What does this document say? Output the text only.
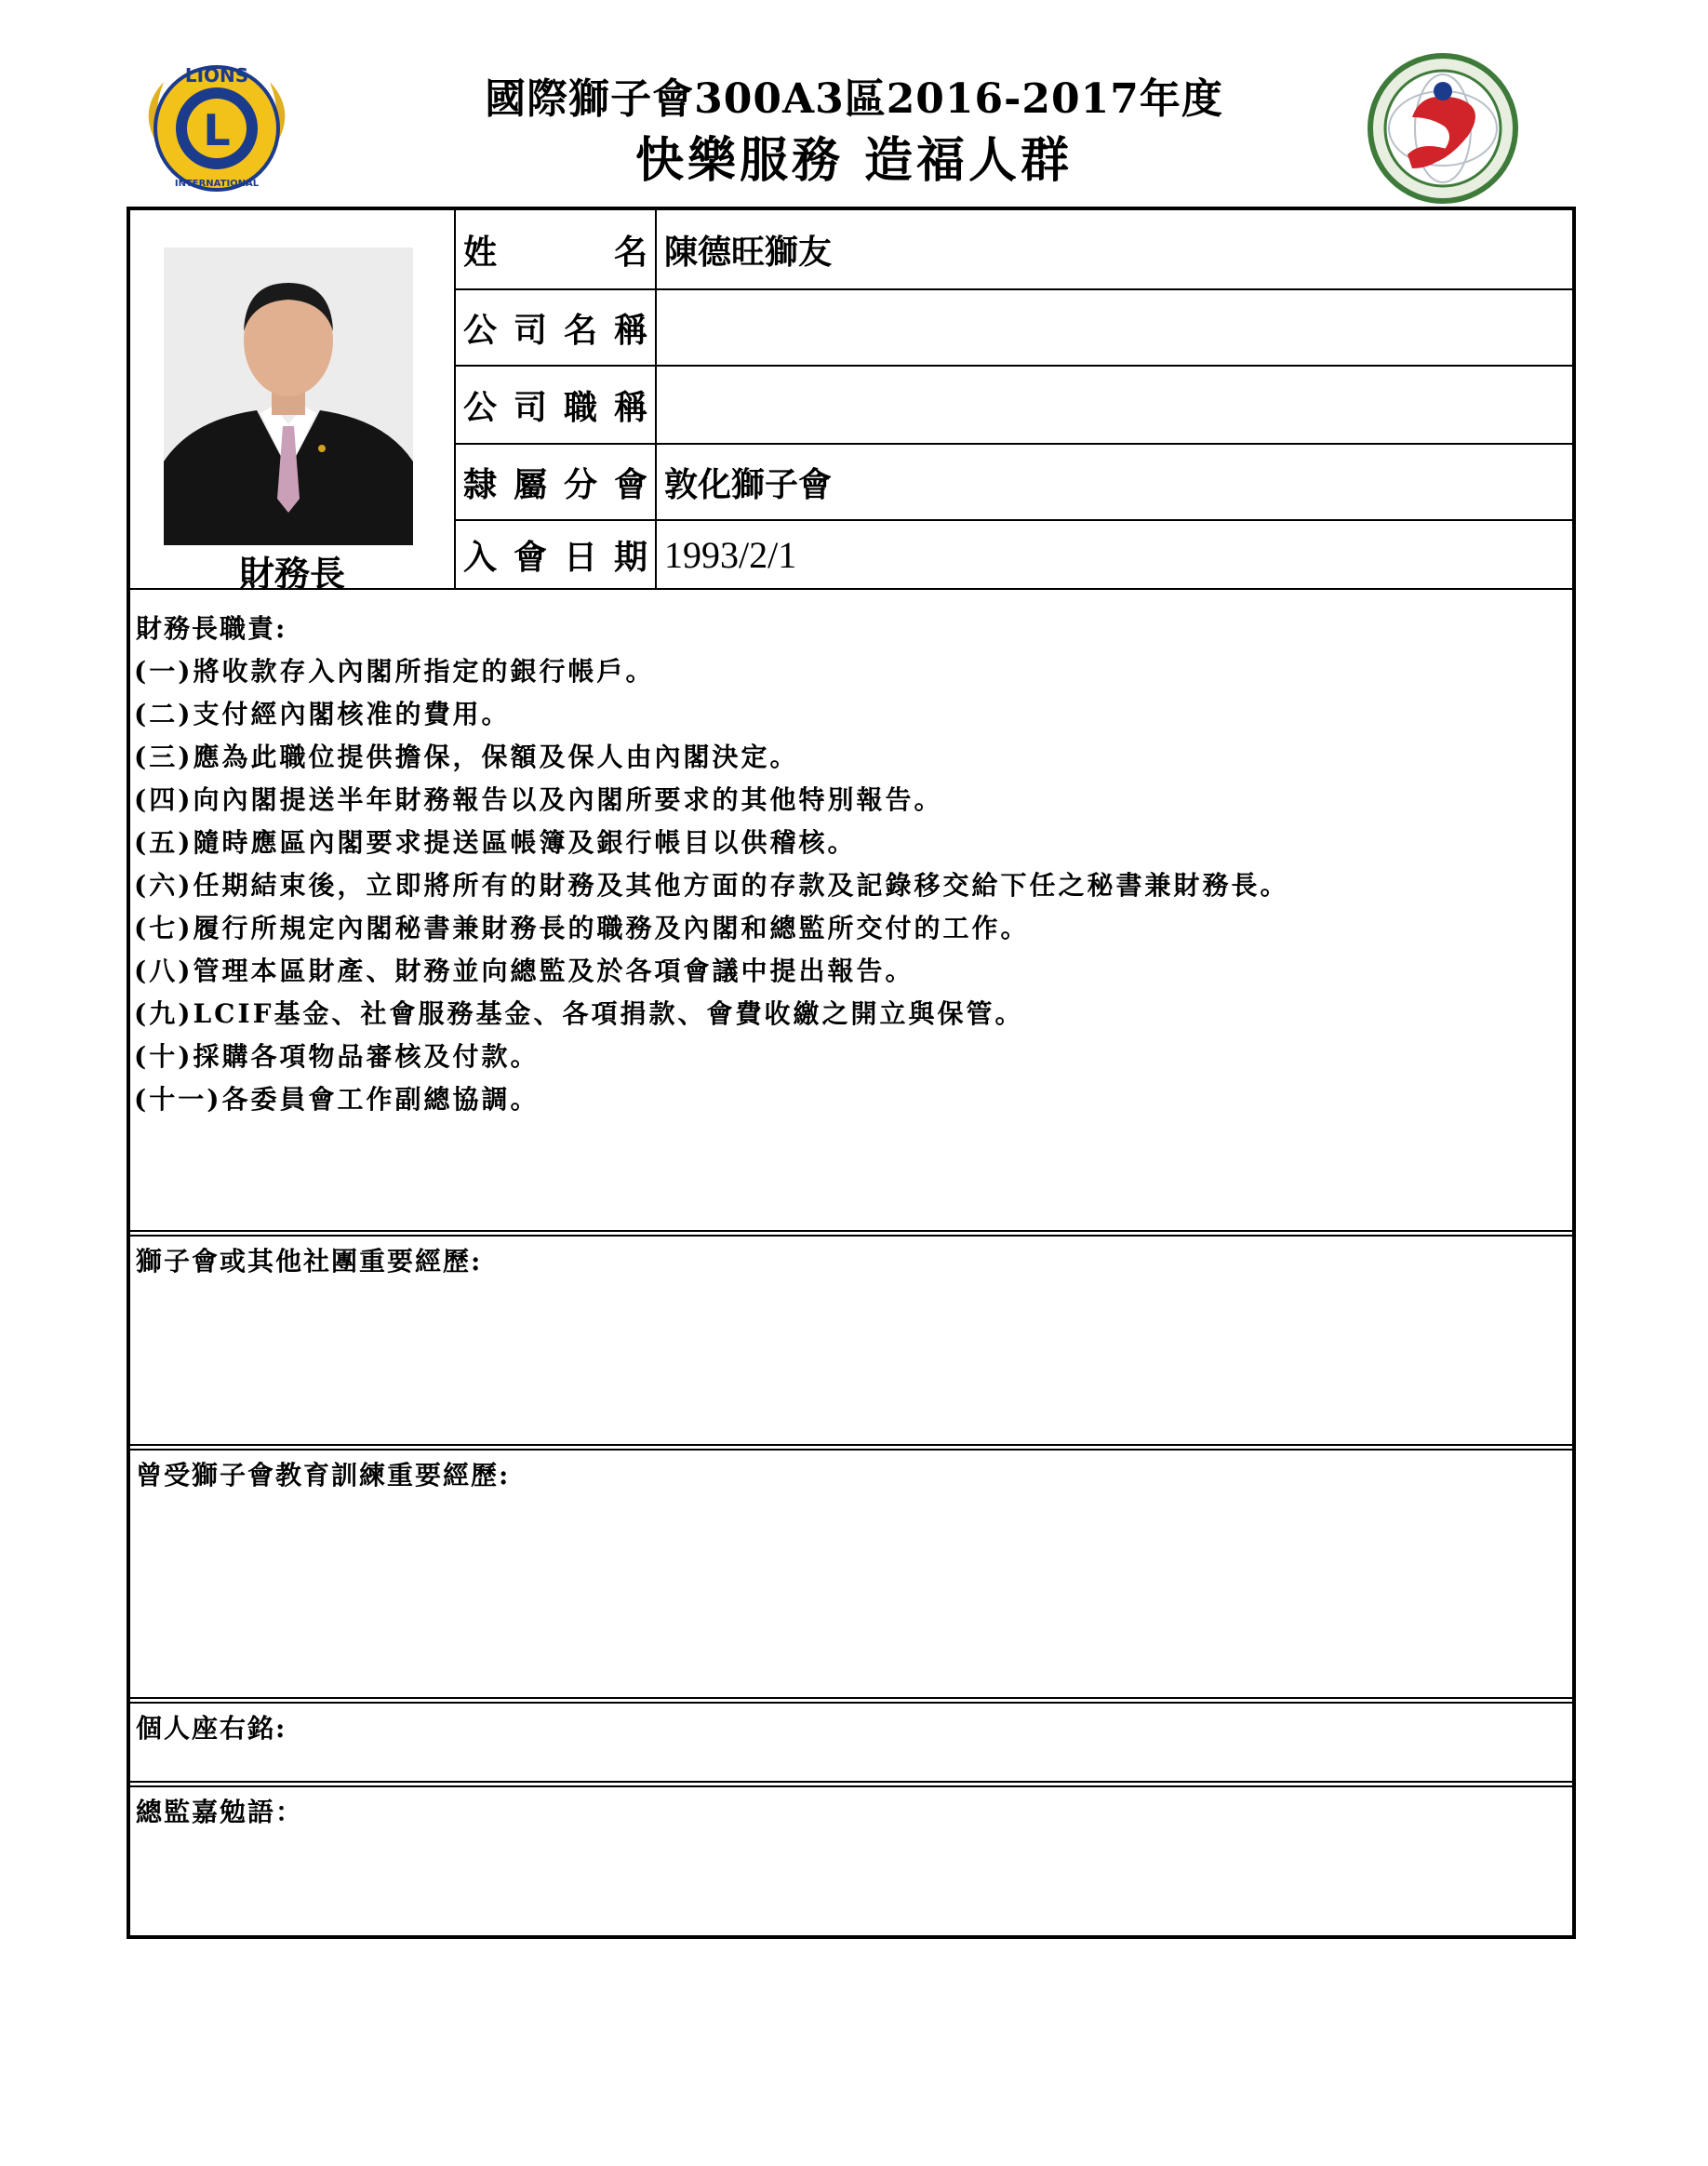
L
LIONS
INTERNATIONAL
國際獅子會300A3區2016-2017年度
快樂服務 造福人群
財務長
姓	名 陳德旺獅友
公 司 名 稱
公 司 職 稱
隸 屬 分 會 敦化獅子會
入 會 日 期 1993/2/1
財務長職責:
(一)將收款存入內閣所指定的銀行帳戶。
(二)支付經內閣核准的費用。
(三)應為此職位提供擔保，保額及保人由內閣決定。
(四)向內閣提送半年財務報告以及內閣所要求的其他特別報告。
(五)隨時應區內閣要求提送區帳簿及銀行帳目以供稽核。
(六)任期結束後，立即將所有的財務及其他方面的存款及記錄移交給下任之秘書兼財務長。
(七)履行所規定內閣秘書兼財務長的職務及內閣和總監所交付的工作。
(八)管理本區財產、財務並向總監及於各項會議中提出報告。
(九)LCIF基金、社會服務基金、各項捐款、會費收繳之開立與保管。
(十)採購各項物品審核及付款。
(十一)各委員會工作副總協調。
獅子會或其他社團重要經歷:
曾受獅子會教育訓練重要經歷:
個人座右銘:
總監嘉勉語：
